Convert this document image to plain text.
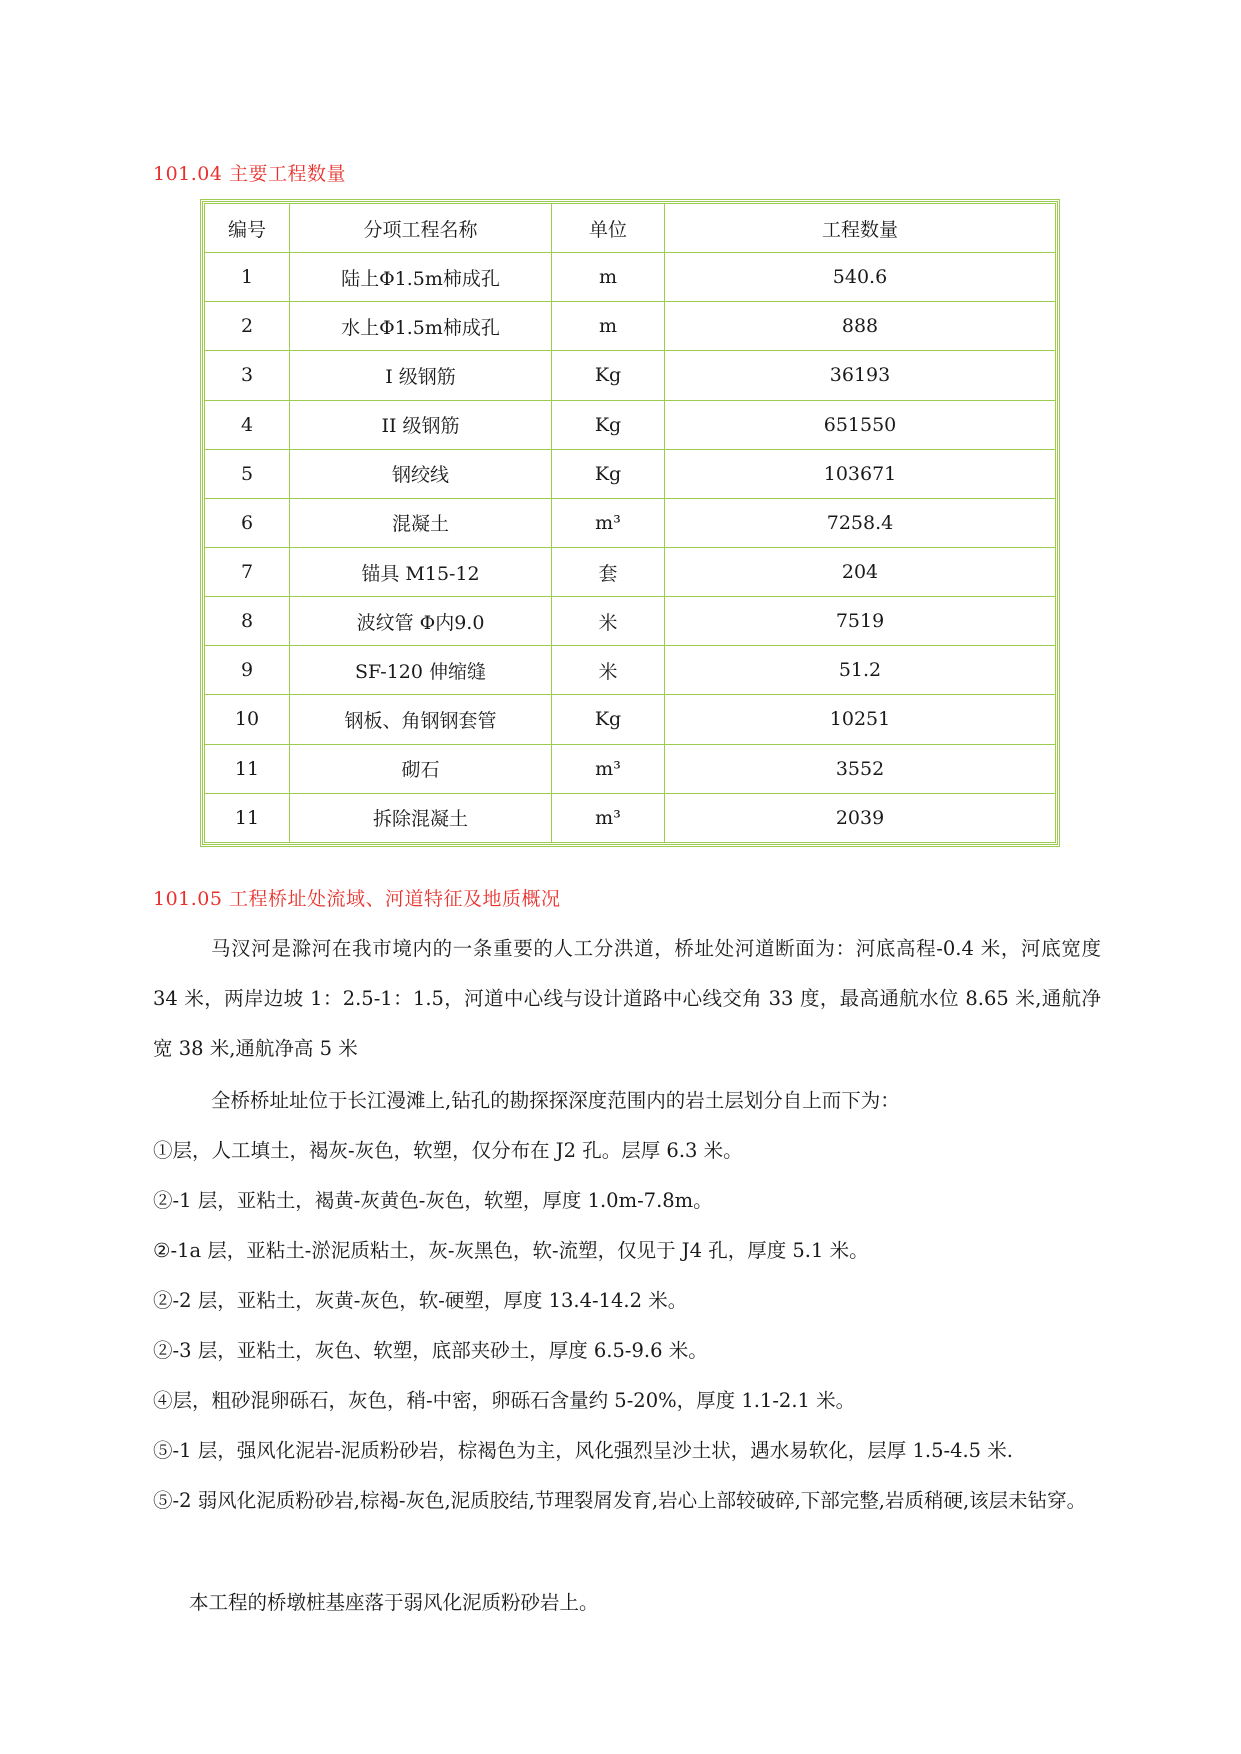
101.04 主要工程数量
编号	分项工程名称	单位	工程数量
1	陆上Φ1.5m柿成孔	m	540.6
2	水上Φ1.5m柿成孔	m	888
3	I 级钢筋	Kg	36193
4	II 级钢筋	Kg	651550
5	钢绞线	Kg	103671
6	混凝土	m³	7258.4
7	锚具 M15-12	套	204
8	波纹管 Φ内9.0	米	7519
9	SF-120 伸缩缝	米	51.2
10	钢板、角钢钢套管	Kg	10251
11	砌石	m³	3552
11	拆除混凝土	m³	2039
101.05 工程桥址处流域、河道特征及地质概况
马汊河是滁河在我市境内的一条重要的人工分洪道，桥址处河道断面为：河底高程-0.4 米，河底宽度 34 米，两岸边坡 1：2.5-1：1.5，河道中心线与设计道路中心线交角 33 度，最高通航水位 8.65 米,通航净宽 38 米,通航净高 5 米
全桥桥址址位于长江漫滩上,钻孔的勘探探深度范围内的岩土层划分自上而下为：
①层，人工填土，褐灰-灰色，软塑，仅分布在 J2 孔。层厚 6.3 米。
②-1 层，亚粘土，褐黄-灰黄色-灰色，软塑，厚度 1.0m-7.8m。
②-1a 层，亚粘土-淤泥质粘土，灰-灰黑色，软-流塑，仅见于 J4 孔，厚度 5.1 米。
②-2 层，亚粘土，灰黄-灰色，软-硬塑，厚度 13.4-14.2 米。
②-3 层，亚粘土，灰色、软塑，底部夹砂土，厚度 6.5-9.6 米。
④层，粗砂混卵砾石，灰色，稍-中密，卵砾石含量约 5-20%，厚度 1.1-2.1 米。
⑤-1 层，强风化泥岩-泥质粉砂岩，棕褐色为主，风化强烈呈沙土状，遇水易软化，层厚 1.5-4.5 米.
⑤-2 弱风化泥质粉砂岩,棕褐-灰色,泥质胶结,节理裂屑发育,岩心上部较破碎,下部完整,岩质稍硬,该层未钻穿。
本工程的桥墩桩基座落于弱风化泥质粉砂岩上。
